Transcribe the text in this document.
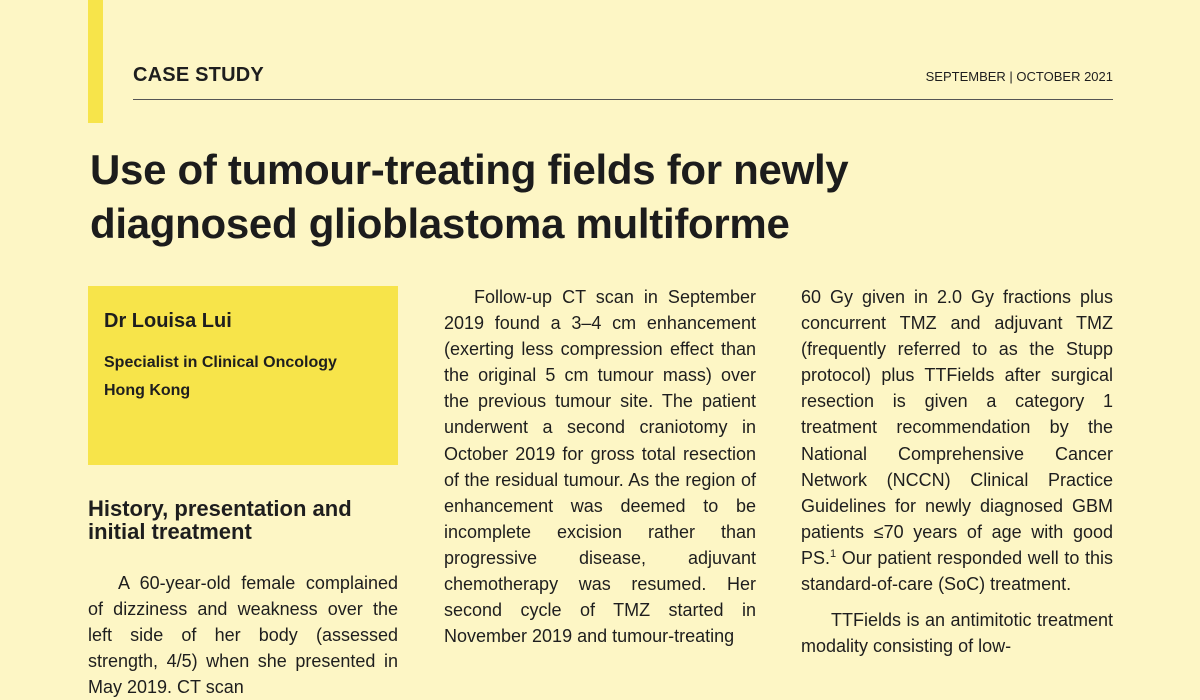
CASE STUDY	SEPTEMBER | OCTOBER 2021
Use of tumour-treating fields for newly
diagnosed glioblastoma multiforme
Dr Louisa Lui
Specialist in Clinical Oncology
Hong Kong
History, presentation and initial treatment

A 60-year-old female complained of dizziness and weakness over the left side of her body (assessed strength, 4/5) when she presented in May 2019. CT scan

Follow-up CT scan in September 2019 found a 3–4 cm enhancement (exerting less compression effect than the original 5 cm tumour mass) over the previous tumour site. The patient underwent a second craniotomy in October 2019 for gross total resection of the residual tumour. As the region of enhancement was deemed to be incomplete excision rather than progressive disease, adjuvant chemotherapy was resumed. Her second cycle of TMZ started in November 2019 and tumour-treating

60 Gy given in 2.0 Gy fractions plus concurrent TMZ and adjuvant TMZ (frequently referred to as the Stupp protocol) plus TTFields after surgical resection is given a category 1 treatment recommendation by the National Comprehensive Cancer Network (NCCN) Clinical Practice Guidelines for newly diagnosed GBM patients ≤70 years of age with good PS.$^1$ Our patient responded well to this standard-of-care (SoC) treatment.

TTFields is an antimitotic treatment modality consisting of low-
